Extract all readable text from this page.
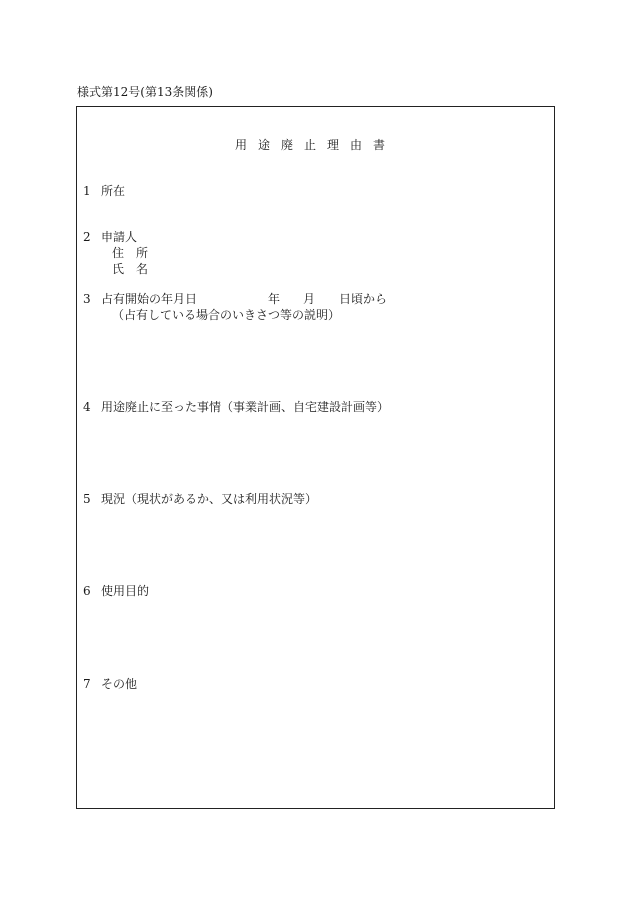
様式第12号(第13条関係)
用途廃止理由書
1 所在
2 申請人
住　所
氏　名
3 占有開始の年月日	年 月 日頃から
（占有している場合のいきさつ等の説明）
4 用途廃止に至った事情（事業計画、自宅建設計画等）
5 現況（現状があるか、又は利用状況等）
6 使用目的
7 その他
